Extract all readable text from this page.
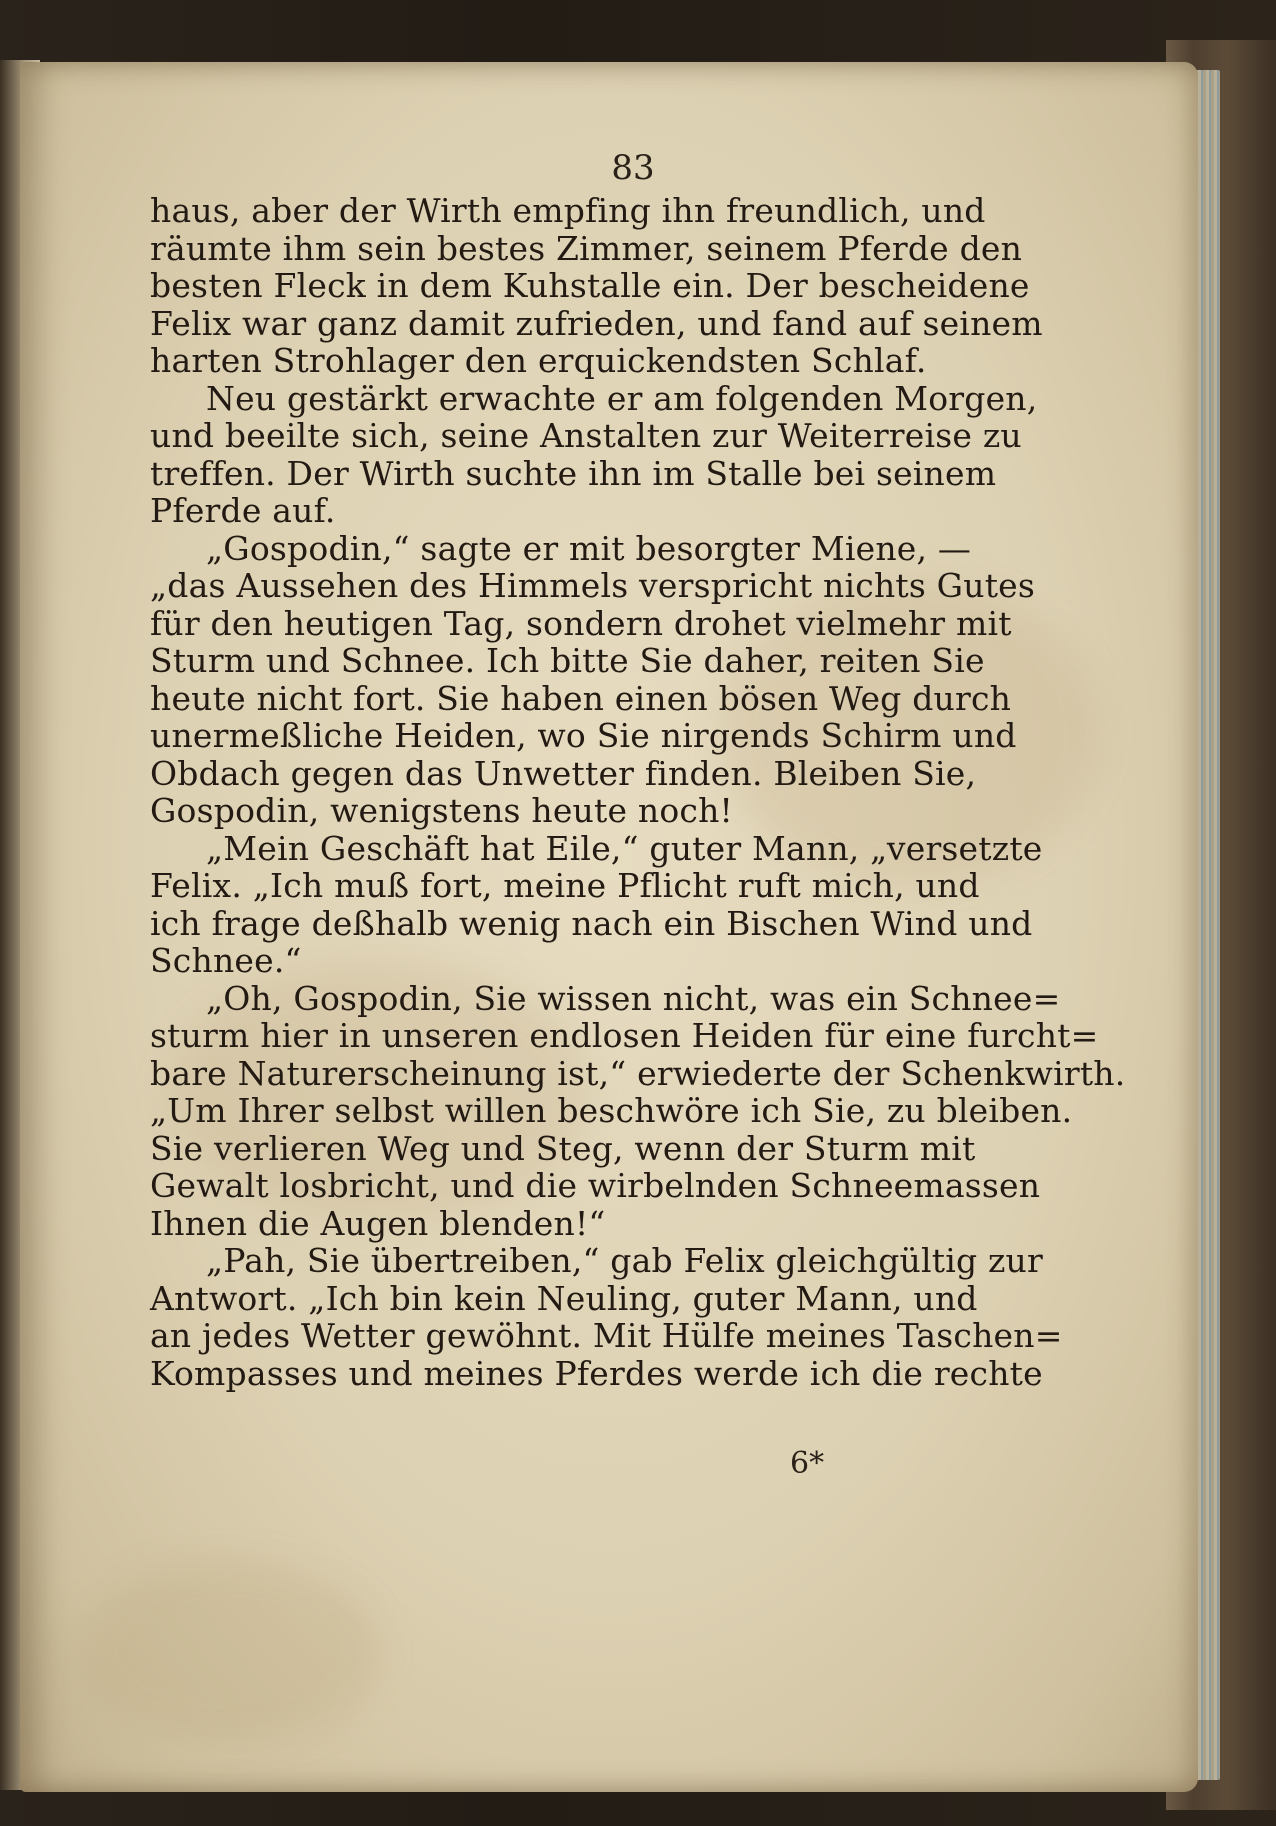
83
haus, aber der Wirth empfing ihn freundlich, und
räumte ihm sein bestes Zimmer, seinem Pferde den
besten Fleck in dem Kuhstalle ein. Der bescheidene
Felix war ganz damit zufrieden, und fand auf seinem
harten Strohlager den erquickendsten Schlaf.
Neu gestärkt erwachte er am folgenden Morgen,
und beeilte sich, seine Anstalten zur Weiterreise zu
treffen. Der Wirth suchte ihn im Stalle bei seinem
Pferde auf.
„Gospodin,“ sagte er mit besorgter Miene, —
„das Aussehen des Himmels verspricht nichts Gutes
für den heutigen Tag, sondern drohet vielmehr mit
Sturm und Schnee. Ich bitte Sie daher, reiten Sie
heute nicht fort. Sie haben einen bösen Weg durch
unermeßliche Heiden, wo Sie nirgends Schirm und
Obdach gegen das Unwetter finden. Bleiben Sie,
Gospodin, wenigstens heute noch!
„Mein Geschäft hat Eile,“ guter Mann, „versetzte
Felix. „Ich muß fort, meine Pflicht ruft mich, und
ich frage deßhalb wenig nach ein Bischen Wind und
Schnee.“
„Oh, Gospodin, Sie wissen nicht, was ein Schnee=
sturm hier in unseren endlosen Heiden für eine furcht=
bare Naturerscheinung ist,“ erwiederte der Schenkwirth.
„Um Ihrer selbst willen beschwöre ich Sie, zu bleiben.
Sie verlieren Weg und Steg, wenn der Sturm mit
Gewalt losbricht, und die wirbelnden Schneemassen
Ihnen die Augen blenden!“
„Pah, Sie übertreiben,“ gab Felix gleichgültig zur
Antwort. „Ich bin kein Neuling, guter Mann, und
an jedes Wetter gewöhnt. Mit Hülfe meines Taschen=
Kompasses und meines Pferdes werde ich die rechte
6*
